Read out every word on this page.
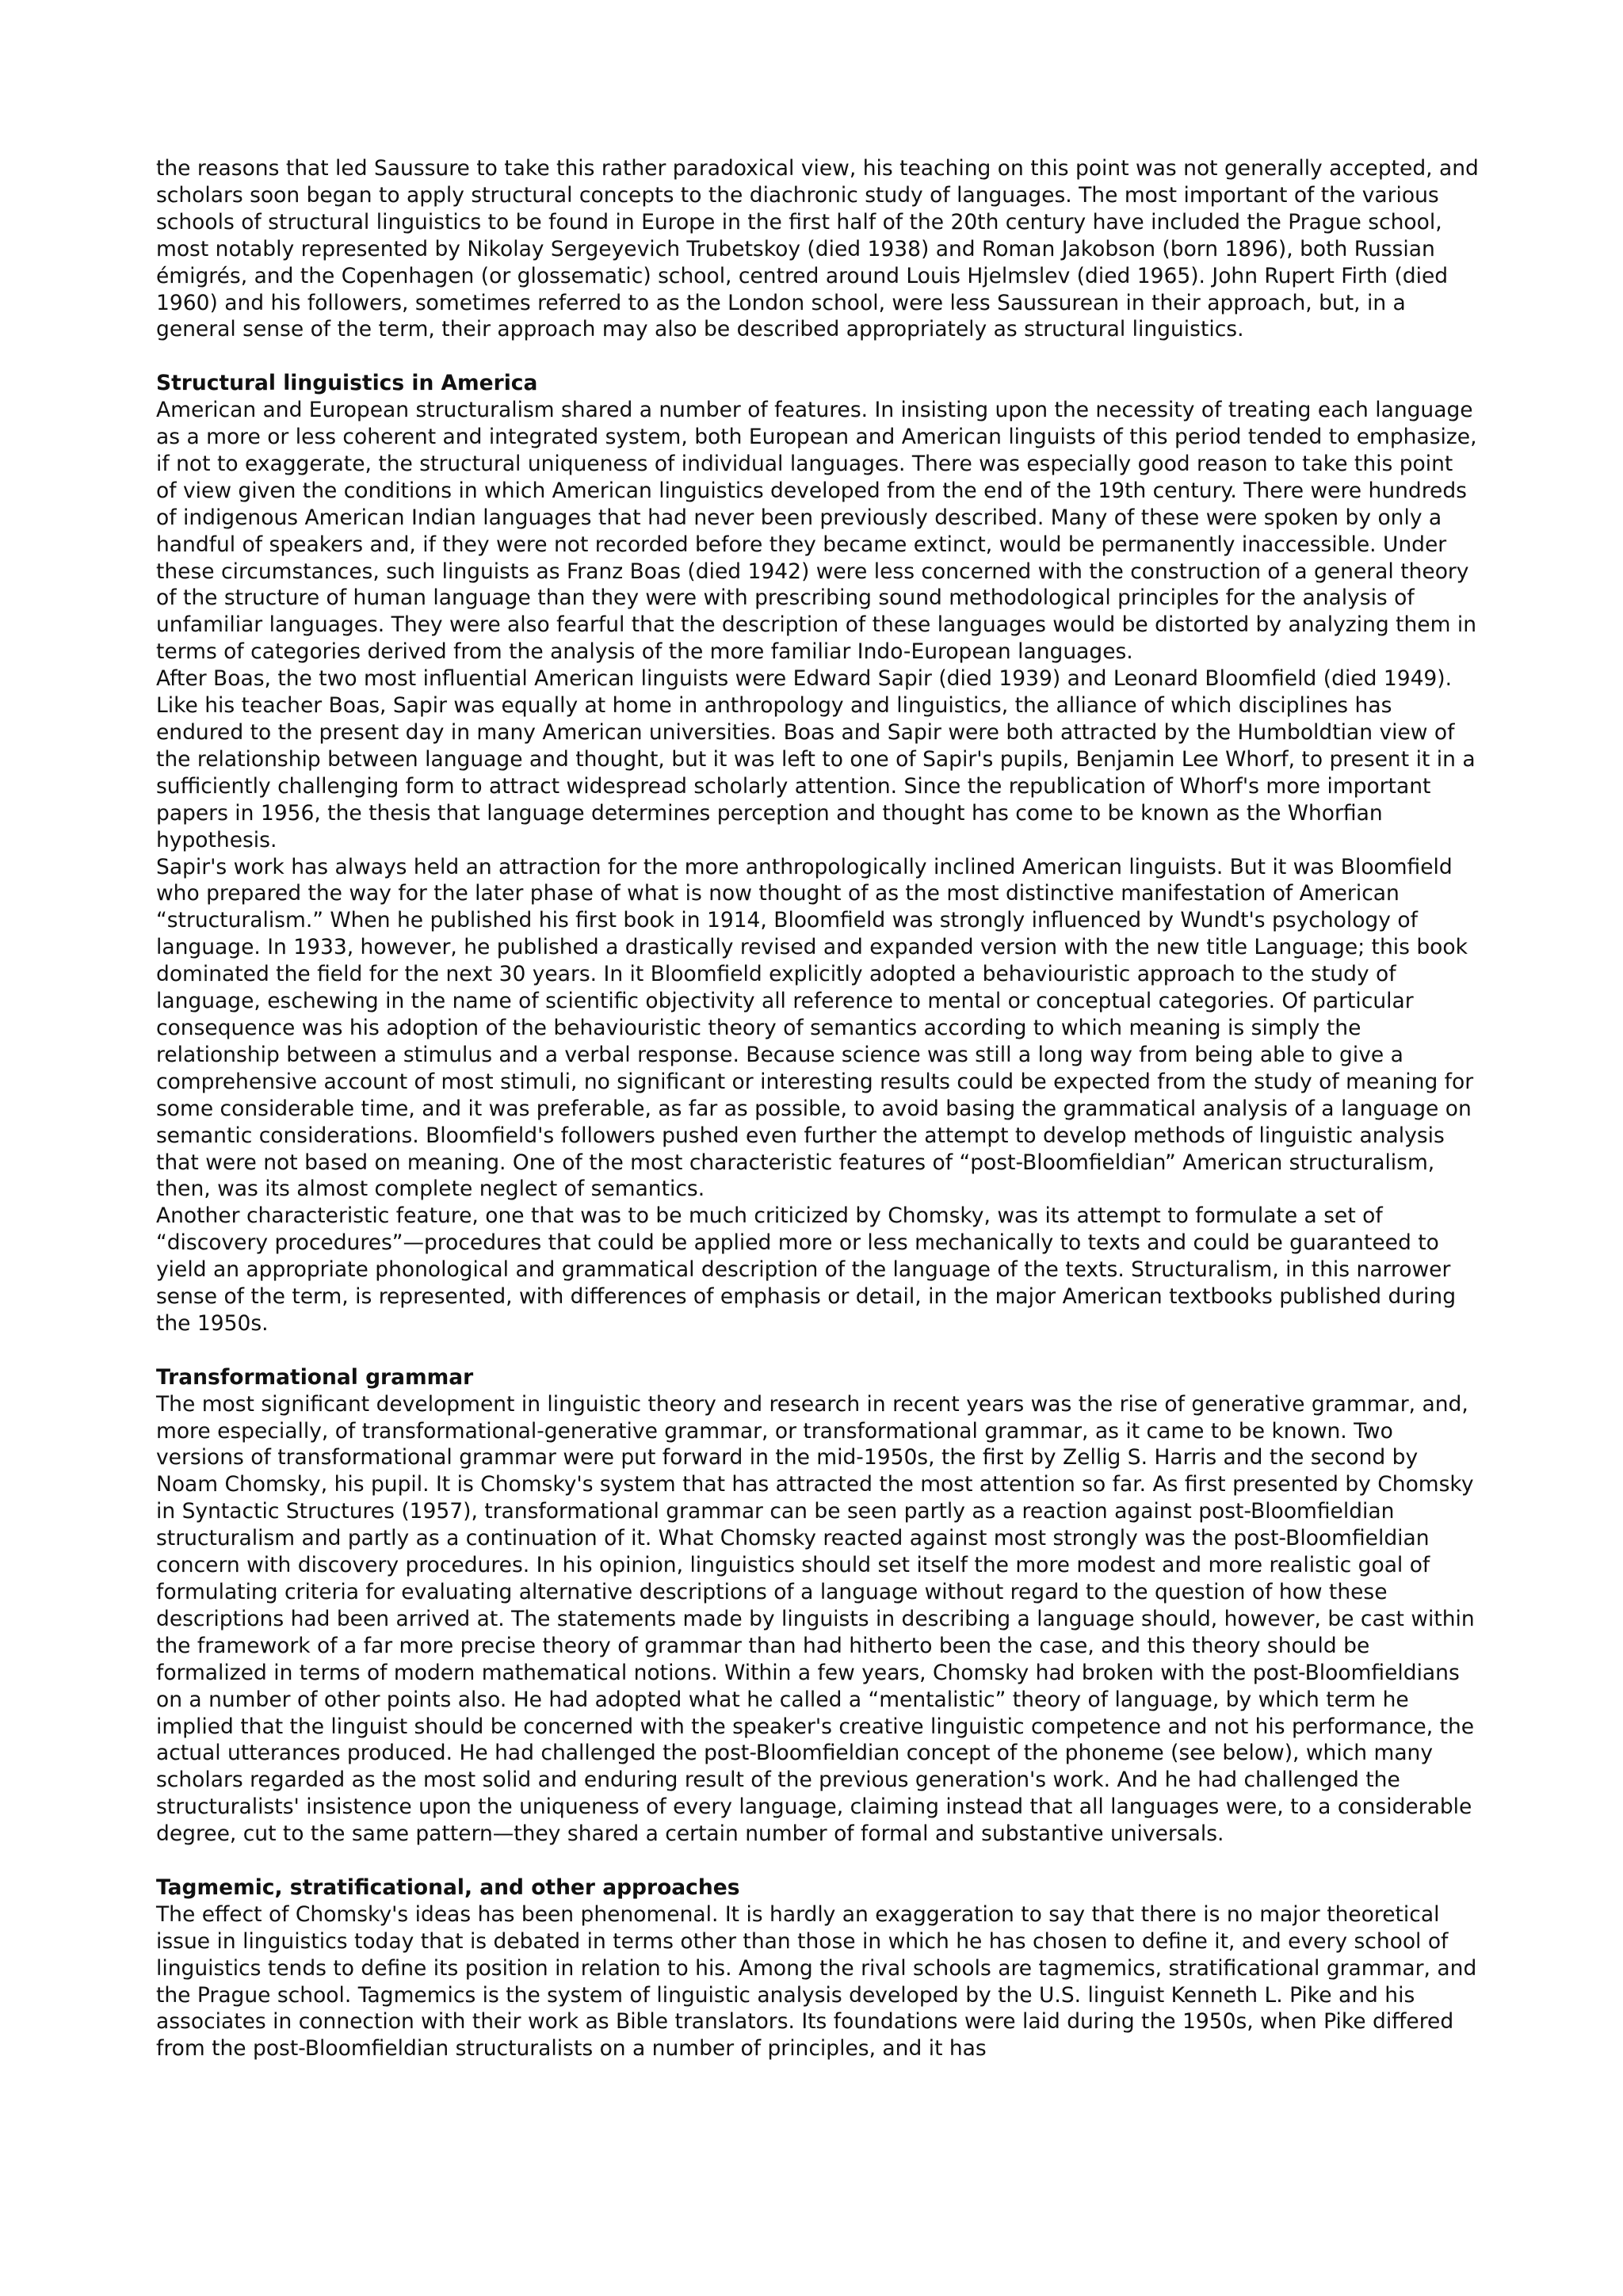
the reasons that led Saussure to take this rather paradoxical view, his teaching on this point was not generally accepted, and scholars soon began to apply structural concepts to the diachronic study of languages. The most important of the various schools of structural linguistics to be found in Europe in the first half of the 20th century have included the Prague school, most notably represented by Nikolay Sergeyevich Trubetskoy (died 1938) and Roman Jakobson (born 1896), both Russian émigrés, and the Copenhagen (or glossematic) school, centred around Louis Hjelmslev (died 1965). John Rupert Firth (died 1960) and his followers, sometimes referred to as the London school, were less Saussurean in their approach, but, in a general sense of the term, their approach may also be described appropriately as structural linguistics.

Structural linguistics in America

American and European structuralism shared a number of features. In insisting upon the necessity of treating each language as a more or less coherent and integrated system, both European and American linguists of this period tended to emphasize, if not to exaggerate, the structural uniqueness of individual languages. There was especially good reason to take this point of view given the conditions in which American linguistics developed from the end of the 19th century. There were hundreds of indigenous American Indian languages that had never been previously described. Many of these were spoken by only a handful of speakers and, if they were not recorded before they became extinct, would be permanently inaccessible. Under these circumstances, such linguists as Franz Boas (died 1942) were less concerned with the construction of a general theory of the structure of human language than they were with prescribing sound methodological principles for the analysis of unfamiliar languages. They were also fearful that the description of these languages would be distorted by analyzing them in terms of categories derived from the analysis of the more familiar Indo-European languages.

After Boas, the two most influential American linguists were Edward Sapir (died 1939) and Leonard Bloomfield (died 1949). Like his teacher Boas, Sapir was equally at home in anthropology and linguistics, the alliance of which disciplines has endured to the present day in many American universities. Boas and Sapir were both attracted by the Humboldtian view of the relationship between language and thought, but it was left to one of Sapir's pupils, Benjamin Lee Whorf, to present it in a sufficiently challenging form to attract widespread scholarly attention. Since the republication of Whorf's more important papers in 1956, the thesis that language determines perception and thought has come to be known as the Whorfian hypothesis.

Sapir's work has always held an attraction for the more anthropologically inclined American linguists. But it was Bloomfield who prepared the way for the later phase of what is now thought of as the most distinctive manifestation of American “structuralism.” When he published his first book in 1914, Bloomfield was strongly influenced by Wundt's psychology of language. In 1933, however, he published a drastically revised and expanded version with the new title Language; this book dominated the field for the next 30 years. In it Bloomfield explicitly adopted a behaviouristic approach to the study of language, eschewing in the name of scientific objectivity all reference to mental or conceptual categories. Of particular consequence was his adoption of the behaviouristic theory of semantics according to which meaning is simply the relationship between a stimulus and a verbal response. Because science was still a long way from being able to give a comprehensive account of most stimuli, no significant or interesting results could be expected from the study of meaning for some considerable time, and it was preferable, as far as possible, to avoid basing the grammatical analysis of a language on semantic considerations. Bloomfield's followers pushed even further the attempt to develop methods of linguistic analysis that were not based on meaning. One of the most characteristic features of “post-Bloomfieldian” American structuralism, then, was its almost complete neglect of semantics.

Another characteristic feature, one that was to be much criticized by Chomsky, was its attempt to formulate a set of “discovery procedures”—procedures that could be applied more or less mechanically to texts and could be guaranteed to yield an appropriate phonological and grammatical description of the language of the texts. Structuralism, in this narrower sense of the term, is represented, with differences of emphasis or detail, in the major American textbooks published during the 1950s.

Transformational grammar

The most significant development in linguistic theory and research in recent years was the rise of generative grammar, and, more especially, of transformational-generative grammar, or transformational grammar, as it came to be known. Two versions of transformational grammar were put forward in the mid-1950s, the first by Zellig S. Harris and the second by Noam Chomsky, his pupil. It is Chomsky's system that has attracted the most attention so far. As first presented by Chomsky in Syntactic Structures (1957), transformational grammar can be seen partly as a reaction against post-Bloomfieldian structuralism and partly as a continuation of it. What Chomsky reacted against most strongly was the post-Bloomfieldian concern with discovery procedures. In his opinion, linguistics should set itself the more modest and more realistic goal of formulating criteria for evaluating alternative descriptions of a language without regard to the question of how these descriptions had been arrived at. The statements made by linguists in describing a language should, however, be cast within the framework of a far more precise theory of grammar than had hitherto been the case, and this theory should be formalized in terms of modern mathematical notions. Within a few years, Chomsky had broken with the post-Bloomfieldians on a number of other points also. He had adopted what he called a “mentalistic” theory of language, by which term he implied that the linguist should be concerned with the speaker's creative linguistic competence and not his performance, the actual utterances produced. He had challenged the post-Bloomfieldian concept of the phoneme (see below), which many scholars regarded as the most solid and enduring result of the previous generation's work. And he had challenged the structuralists' insistence upon the uniqueness of every language, claiming instead that all languages were, to a considerable degree, cut to the same pattern—they shared a certain number of formal and substantive universals.

Tagmemic, stratificational, and other approaches

The effect of Chomsky's ideas has been phenomenal. It is hardly an exaggeration to say that there is no major theoretical issue in linguistics today that is debated in terms other than those in which he has chosen to define it, and every school of linguistics tends to define its position in relation to his. Among the rival schools are tagmemics, stratificational grammar, and the Prague school. Tagmemics is the system of linguistic analysis developed by the U.S. linguist Kenneth L. Pike and his associates in connection with their work as Bible translators. Its foundations were laid during the 1950s, when Pike differed from the post-Bloomfieldian structuralists on a number of principles, and it has
